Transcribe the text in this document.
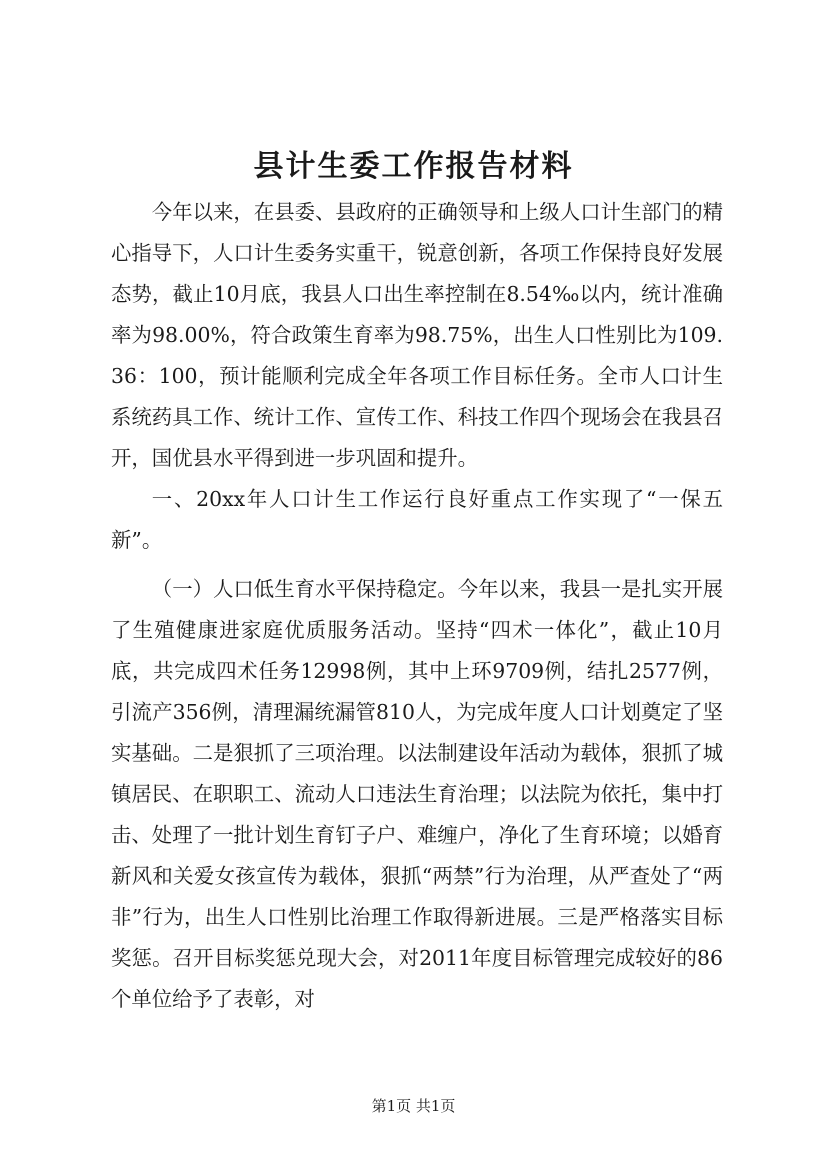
县计生委工作报告材料

今年以来，在县委、县政府的正确领导和上级人口计生部门的精心指导下，人口计生委务实重干，锐意创新，各项工作保持良好发展态势，截止10月底，我县人口出生率控制在8.54‰以内，统计准确率为98.00%，符合政策生育率为98.75%，出生人口性别比为109.36：100，预计能顺利完成全年各项工作目标任务。全市人口计生系统药具工作、统计工作、宣传工作、科技工作四个现场会在我县召开，国优县水平得到进一步巩固和提升。

一、20xx年人口计生工作运行良好重点工作实现了“一保五新”。

（一）人口低生育水平保持稳定。今年以来，我县一是扎实开展了生殖健康进家庭优质服务活动。坚持“四术一体化”，截止10月底，共完成四术任务12998例，其中上环9709例，结扎2577例，引流产356例，清理漏统漏管810人，为完成年度人口计划奠定了坚实基础。二是狠抓了三项治理。以法制建设年活动为载体，狠抓了城镇居民、在职职工、流动人口违法生育治理；以法院为依托，集中打击、处理了一批计划生育钉子户、难缠户，净化了生育环境；以婚育新风和关爱女孩宣传为载体，狠抓“两禁”行为治理，从严查处了“两非”行为，出生人口性别比治理工作取得新进展。三是严格落实目标奖惩。召开目标奖惩兑现大会，对2011年度目标管理完成较好的86个单位给予了表彰，对

第1页 共1页
